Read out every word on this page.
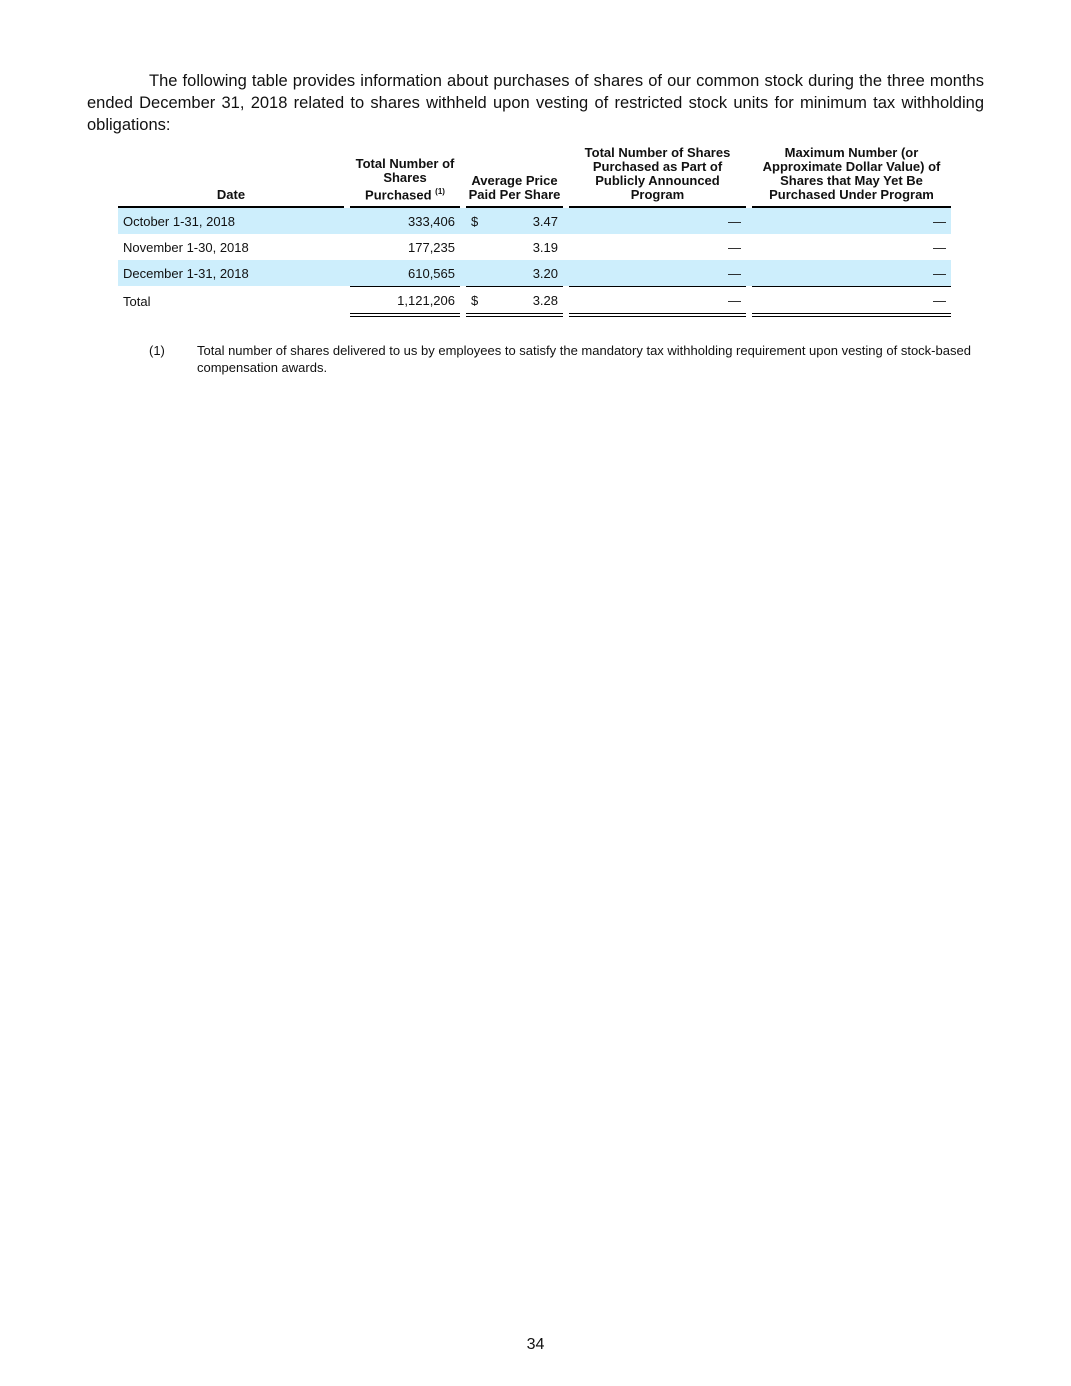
The following table provides information about purchases of shares of our common stock during the three months ended December 31, 2018 related to shares withheld upon vesting of restricted stock units for minimum tax withholding obligations:

Date		Total Number of Shares Purchased $^{(1)}$		Average Price Paid Per Share			Total Number of Shares Purchased as Part of Publicly Announced Program		Maximum Number (or Approximate Dollar Value) of Shares that May Yet Be Purchased Under Program
October 1-31, 2018		333,406		$	3.47		—		—
November 1-30, 2018		177,235			3.19		—		—
December 1-31, 2018		610,565			3.20		—		—
Total		1,121,206		$	3.28		—		—
(1) Total number of shares delivered to us by employees to satisfy the mandatory tax withholding requirement upon vesting of stock-based compensation awards.
34
